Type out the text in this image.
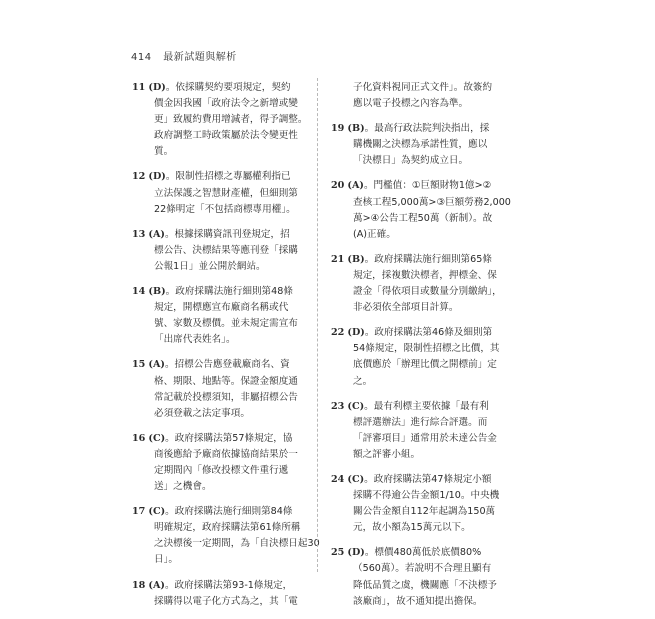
414 最新試題與解析
11 (D)。依採購契約要項規定，契約
價金因我國「政府法令之新增或變
更」致履約費用增減者，得予調整。
政府調整工時政策屬於法令變更性
質。
12 (D)。限制性招標之專屬權利指已
立法保護之智慧財產權，但細則第
22條明定「不包括商標專用權」。
13 (A)。根據採購資訊刊登規定，招
標公告、決標結果等應刊登「採購
公報1日」並公開於網站。
14 (B)。政府採購法施行細則第48條
規定，開標應宣布廠商名稱或代
號、家數及標價。並未規定需宣布
「出席代表姓名」。
15 (A)。招標公告應登載廠商名、資
格、期限、地點等。保證金額度通
常記載於投標須知，非屬招標公告
必須登載之法定事項。
16 (C)。政府採購法第57條規定，協
商後應給予廠商依據協商結果於一
定期間內「修改投標文件重行遞
送」之機會。
17 (C)。政府採購法施行細則第84條
明確規定，政府採購法第61條所稱
之決標後一定期間，為「自決標日起30
日」。
18 (A)。政府採購法第93-1條規定，
採購得以電子化方式為之，其「電
子化資料視同正式文件」。故簽約
應以電子投標之內容為準。
19 (B)。最高行政法院判決指出，採
購機關之決標為承諾性質，應以
「決標日」為契約成立日。
20 (A)。門檻值：①巨額財物1億>②
查核工程5,000萬>③巨額勞務2,000
萬>④公告工程50萬（新制）。故
(A)正確。
21 (B)。政府採購法施行細則第65條
規定，採複數決標者，押標金、保
證金「得依項目或數量分別繳納」，
非必須依全部項目計算。
22 (D)。政府採購法第46條及細則第
54條規定，限制性招標之比價，其
底價應於「辦理比價之開標前」定
之。
23 (C)。最有利標主要依據「最有利
標評選辦法」進行綜合評選。而
「評審項目」通常用於未達公告金
額之評審小組。
24 (C)。政府採購法第47條規定小額
採購不得逾公告金額1/10。中央機
關公告金額自112年起調為150萬
元，故小額為15萬元以下。
25 (D)。標價480萬低於底價80%
（560萬）。若說明不合理且顯有
降低品質之虞，機關應「不決標予
該廠商」，故不通知提出擔保。
